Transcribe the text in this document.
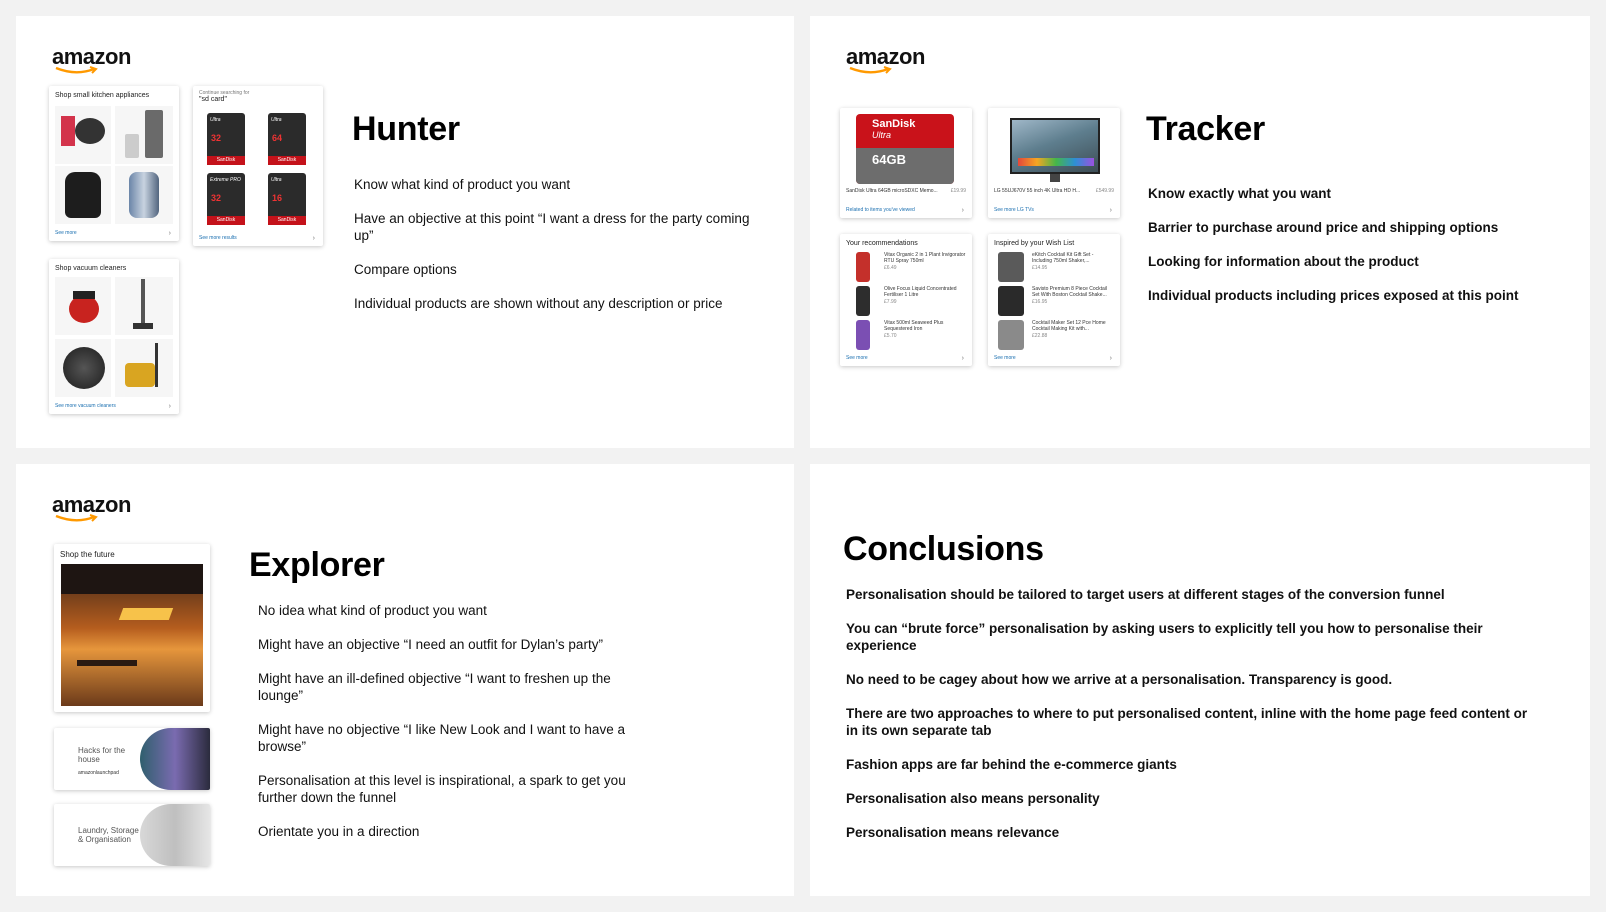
amazon
Shop small kitchen appliances
See more	›
Continue searching for
"sd card"
Ultra
32
SanDisk
Ultra
64
SanDisk
Extreme PRO
32
SanDisk
Ultra
16
SanDisk
See more results	›
Shop vacuum cleaners
See more vacuum cleaners	›
Hunter
Know what kind of product you want
Have an objective at this point “I want a dress for the party coming up”
Compare options
Individual products are shown without any description or price
amazon
SanDisk
Ultra
64GB
SanDisk Ultra 64GB microSDXC Memo...	£19.99
Related to items you've viewed	›
LG 55UJ670V 55 inch 4K Ultra HD H...	£549.99
See more LG TVs	›
Your recommendations
Vitax Organic 2 in 1 Plant Invigorator RTU Spray 750ml
£6.49
Olive Focus Liquid Concentrated Fertiliser 1 Litre
£7.99
Vitax 500ml Seaweed Plus Sequestered Iron
£5.70
See more	›
Inspired by your Wish List
eKitch Cocktail Kit Gift Set - Including 750ml Shaker,...
£14.95
Savisto Premium 8 Piece Cocktail Set With Boston Cocktail Shake...
£16.95
Cocktail Maker Set 12 Pce Home Cocktail Making Kit with...
£22.88
See more	›
Tracker
Know exactly what you want
Barrier to purchase around price and shipping options
Looking for information about the product
Individual products including prices exposed at this point
amazon
Shop the future
Hacks for the house
amazonlaunchpad
Laundry, Storage & Organisation
Explorer
No idea what kind of product you want
Might have an objective “I need an outfit for Dylan’s party”
Might have an ill-defined objective “I want to freshen up the lounge”
Might have no objective “I like New Look and I want to have a browse”
Personalisation at this level is inspirational, a spark to get you further down the funnel
Orientate you in a direction
Conclusions
Personalisation should be tailored to target users at different stages of the conversion funnel
You can “brute force” personalisation by asking users to explicitly tell you how to personalise their experience
No need to be cagey about how we arrive at a personalisation. Transparency is good.
There are two approaches to where to put personalised content, inline with the home page feed content or in its own separate tab
Fashion apps are far behind the e-commerce giants
Personalisation also means personality
Personalisation means relevance
